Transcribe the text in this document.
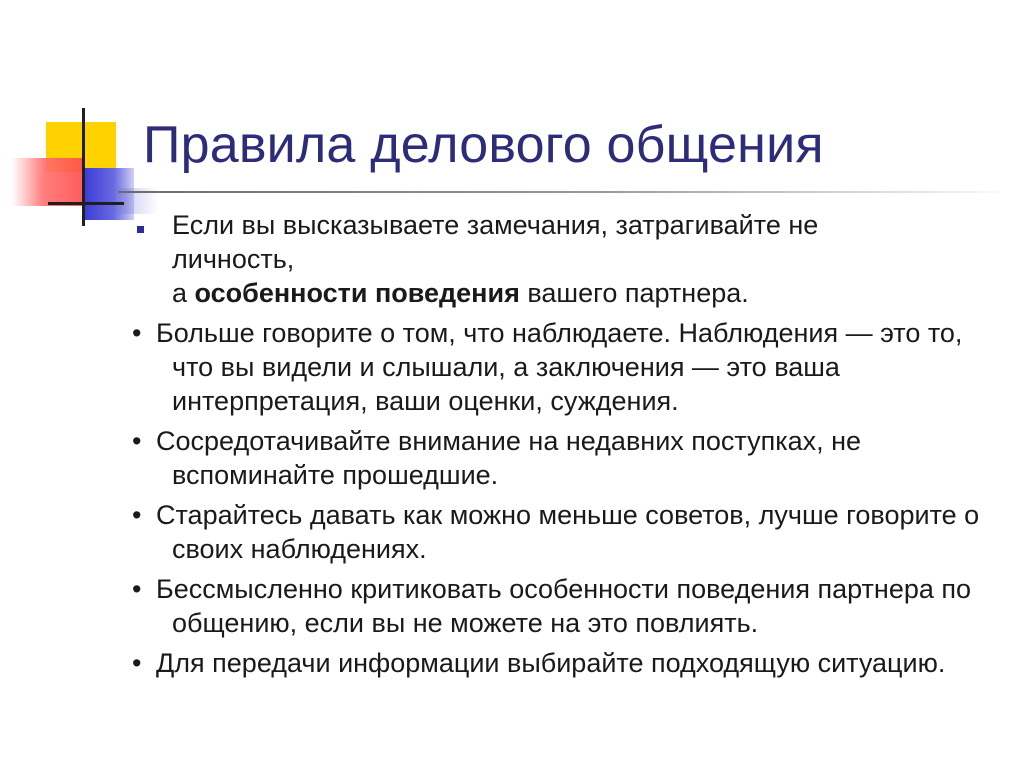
Правила делового общения
Если вы высказываете замечания, затрагивайте не
личность,
а особенности поведения вашего партнера.
• Больше говорите о том, что наблюдаете. Наблюдения — это то, что вы видели и слышали, а заключения — это ваша интерпретация, ваши оценки, суждения.
• Сосредотачивайте внимание на недавних поступках, не вспоминайте прошедшие.
• Старайтесь давать как можно меньше советов, лучше говорите о своих наблюдениях.
• Бессмысленно критиковать особенности поведения партнера по общению, если вы не можете на это повлиять.
• Для передачи информации выбирайте подходящую ситуацию.
